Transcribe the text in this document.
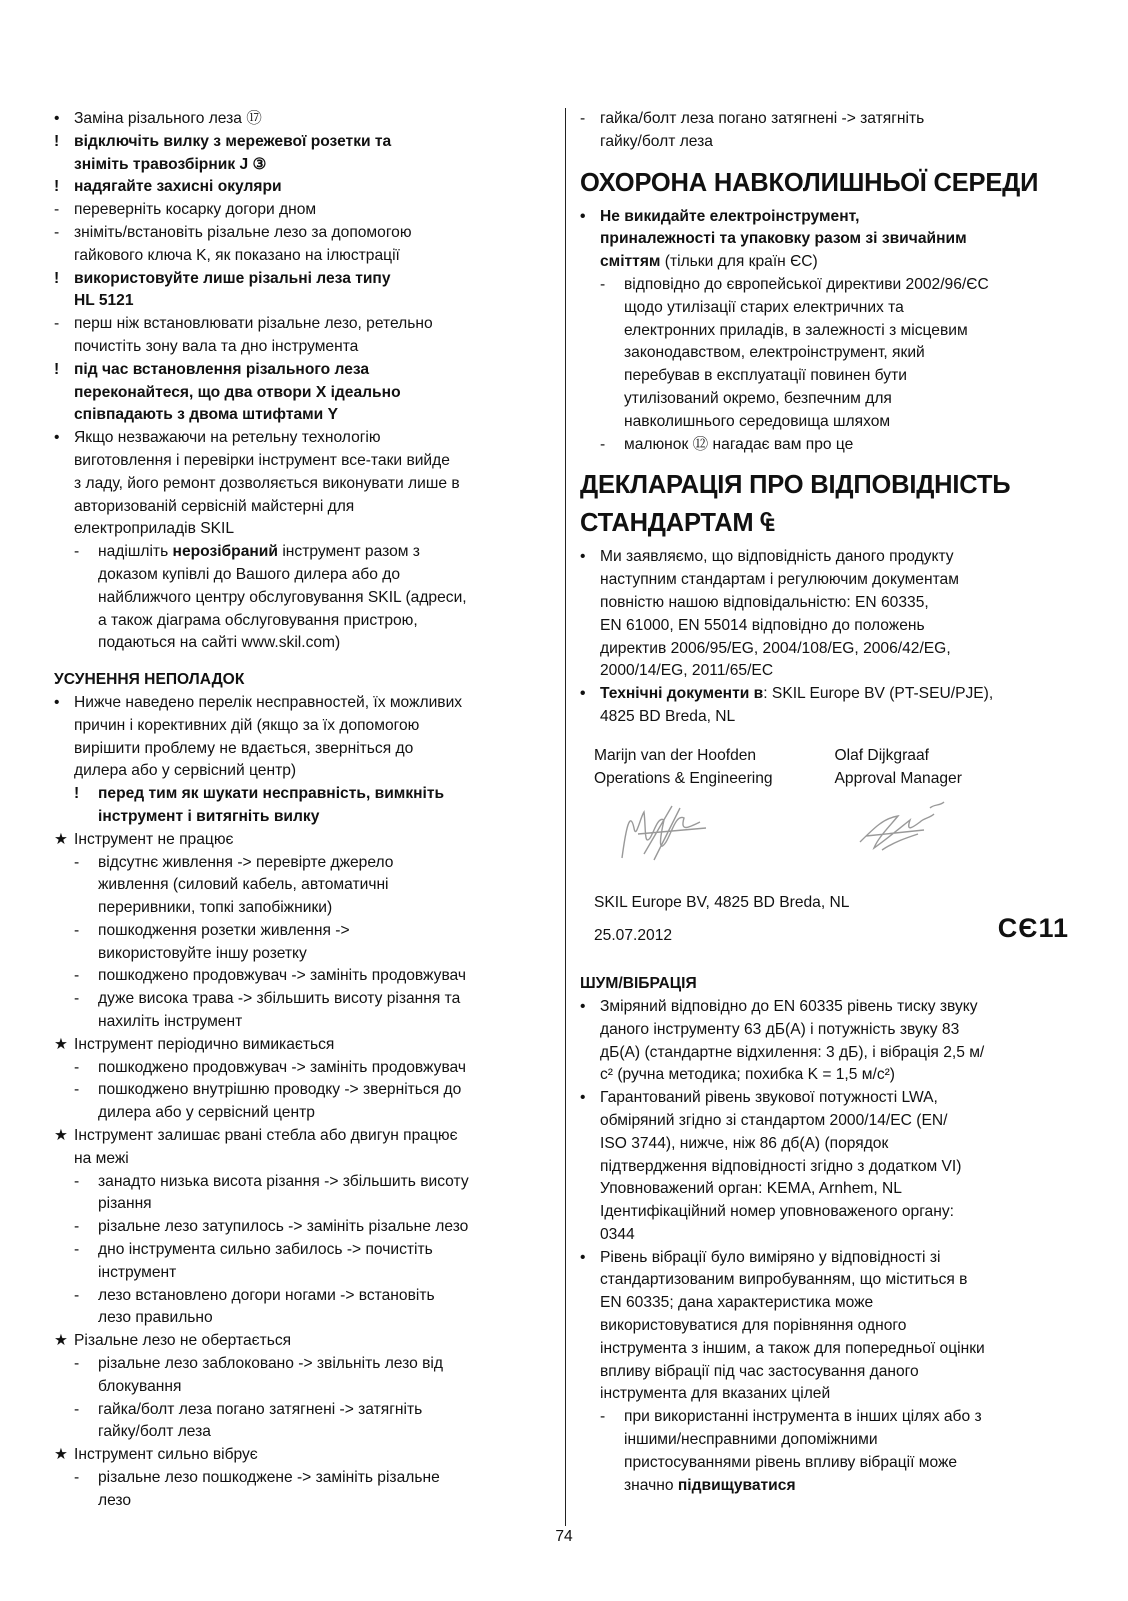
• Заміна різального леза ⑰
! відключіть вилку з мережевої розетки та
зніміть травозбірник J ③
! надягайте захисні окуляри
- переверніть косарку догори дном
- зніміть/встановіть різальне лезо за допомогою
гайкового ключа K, як показано на ілюстрації
! використовуйте лише різальні леза типу
HL 5121
- перш ніж встановлювати різальне лезо, ретельно
почистіть зону вала та дно інструмента
! під час встановлення різального леза
переконайтеся, що два отвори X ідеально
співпадають з двома штифтами Y
• Якщо незважаючи на ретельну технологію
виготовлення і перевірки інструмент все-таки вийде
з ладу, його ремонт дозволяється виконувати лише в
авторизованій сервісній майстерні для
електроприладів SKIL
- надішліть нерозібраний інструмент разом з
доказом купівлі до Вашого дилера або до
найближчого центру обслуговування SKIL (адреси,
а також діаграма обслуговування пристрою,
подаються на сайті www.skil.com)
УСУНЕННЯ НЕПОЛАДОК
• Нижче наведено перелік несправностей, їх можливих
причин і корективних дій (якщо за їх допомогою
вирішити проблему не вдається, зверніться до
дилера або у сервісний центр)
! перед тим як шукати несправність, вимкніть
інструмент і витягніть вилку
★ Інструмент не працює
- відсутнє живлення -> перевірте джерело
живлення (силовий кабель, автоматичні
переривники, топкі запобіжники)
- пошкодження розетки живлення ->
використовуйте іншу розетку
- пошкоджено продовжувач -> замініть продовжувач
- дуже висока трава -> збільшить висоту різання та
нахиліть інструмент
★ Інструмент періодично вимикається
- пошкоджено продовжувач -> замініть продовжувач
- пошкоджено внутрішню проводку -> зверніться до
дилера або у сервісний центр
★ Інструмент залишає рвані стебла або двигун працює
на межі
- занадто низька висота різання -> збільшить висоту
різання
- різальне лезо затупилось -> замініть різальне лезо
- дно інструмента сильно забилось -> почистіть
інструмент
- лезо встановлено догори ногами -> встановіть
лезо правильно
★ Різальне лезо не обертається
- різальне лезо заблоковано -> звільніть лезо від
блокування
- гайка/болт леза погано затягнені -> затягніть
гайку/болт леза
★ Інструмент сильно вібрує
- різальне лезо пошкоджене -> замініть різальне
лезо
- гайка/болт леза погано затягнені -> затягніть
гайку/болт леза
ОХОРОНА НАВКОЛИШНЬОЇ СЕРЕДИ
• Не викидайте електроінструмент,
приналежності та упаковку разом зі звичайним
сміттям (тільки для країн ЄС)
- відповідно до європейської директиви 2002/96/ЄС
щодо утилізації старих електричних та
електронних приладів, в залежності з місцевим
законодавством, електроінструмент, який
перебував в експлуатації повинен бути
утилізований окремо, безпечним для
навколишнього середовища шляхом
- малюнок ⑫ нагадає вам про це
ДЕКЛАРАЦІЯ ПРО ВІДПОВІДНІСТЬ
СТАНДАРТАМ ₠
• Ми заявляємо, що відповідність даного продукту
наступним стандартам і регулюючим документам
повністю нашою відповідальністю: EN 60335,
EN 61000, EN 55014 відповідно до положень
директив 2006/95/EG, 2004/108/EG, 2006/42/EG,
2000/14/EG, 2011/65/EC
• Технічні документи в: SKIL Europe BV (PT-SEU/PJE),
4825 BD Breda, NL
Marijn van der Hoofden
Operations & Engineering
Olaf Dijkgraaf
Approval Manager
SKIL Europe BV, 4825 BD Breda, NL
25.07.2012	CЄ11
ШУМ/ВІБРАЦІЯ
• Зміряний відповідно до EN 60335 рівень тиску звуку
даного інструменту 63 дБ(А) і потужність звуку 83
дБ(А) (стандартне відхилення: 3 дБ), і вібрація 2,5 м/
с² (ручна методика; похибка K = 1,5 м/с²)
• Гарантований рівень звукової потужності LWA,
обміряний згідно зі стандартом 2000/14/EC (EN/
ISO 3744), нижче, ніж 86 дб(А) (порядок
підтвердження відповідності згідно з додатком VI)
Уповноважений орган: KEMA, Arnhem, NL
Ідентифікаційний номер уповноваженого органу:
0344
• Рівень вібрації було виміряно у відповідності зі
стандартизованим випробуванням, що міститься в
EN 60335; дана характеристика може
використовуватися для порівняння одного
інструмента з іншим, а також для попередньої оцінки
впливу вібрації під час застосування даного
інструмента для вказаних цілей
- при використанні інструмента в інших цілях або з
іншими/несправними допоміжними
пристосуваннями рівень впливу вібрації може
значно підвищуватися
74
